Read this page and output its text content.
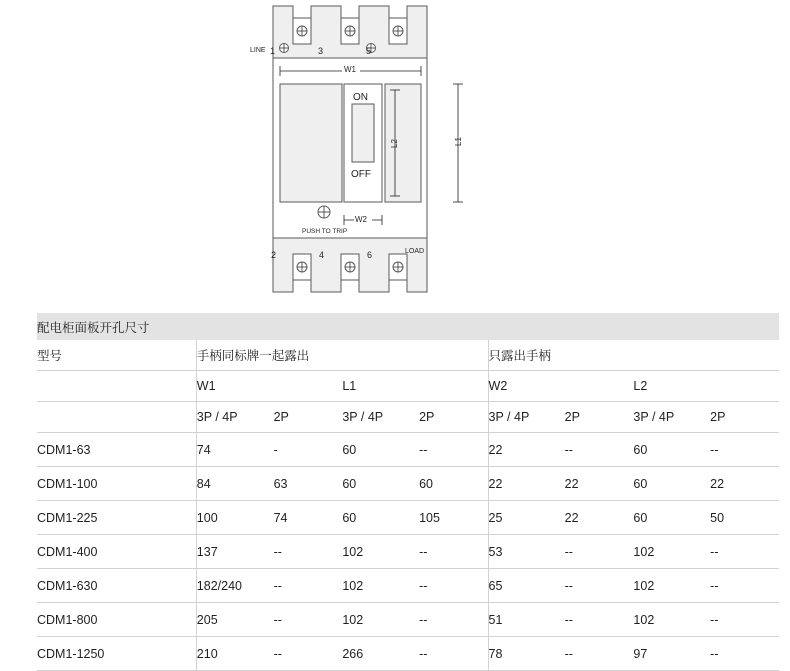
LINE 1	3	5
ON
OFF
PUSH TO TRIP
W1
W2
L1
L2
2	4	6	LOAD
配电柜面板开孔尺寸								
型号	手柄同标牌一起露出				只露出手柄			
	W1		L1		W2		L2	
	3P / 4P	2P	3P / 4P	2P	3P / 4P	2P	3P / 4P	2P
CDM1-63	74	-	60	--	22	--	60	--
CDM1-100	84	63	60	60	22	22	60	22
CDM1-225	100	74	60	105	25	22	60	50
CDM1-400	137	--	102	--	53	--	102	--
CDM1-630	182/240	--	102	--	65	--	102	--
CDM1-800	205	--	102	--	51	--	102	--
CDM1-1250	210	--	266	--	78	--	97	--
